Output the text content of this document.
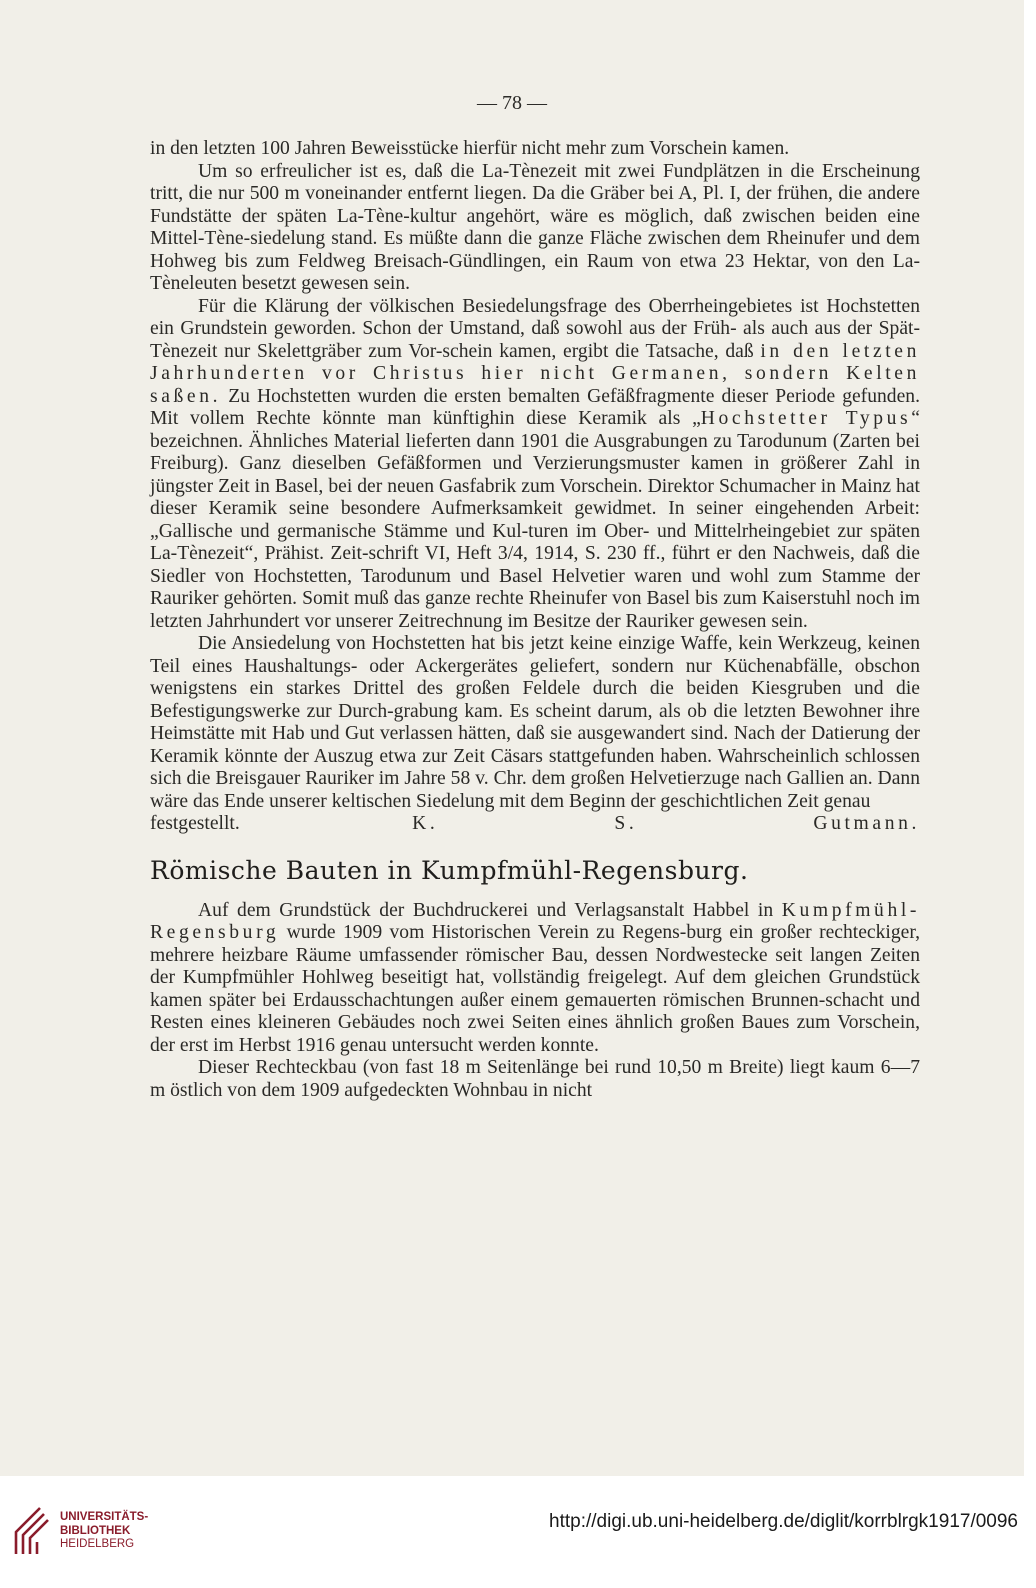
— 78 —

in den letzten 100 Jahren Beweisstücke hierfür nicht mehr zum Vorschein kamen.

Um so erfreulicher ist es, daß die La-Tènezeit mit zwei Fundplätzen in die Erscheinung tritt, die nur 500 m voneinander entfernt liegen. Da die Gräber bei A, Pl. I, der frühen, die andere Fundstätte der späten La-Tène-kultur angehört, wäre es möglich, daß zwischen beiden eine Mittel-Tène-siedelung stand. Es müßte dann die ganze Fläche zwischen dem Rheinufer und dem Hohweg bis zum Feldweg Breisach-Gündlingen, ein Raum von etwa 23 Hektar, von den La-Tèneleuten besetzt gewesen sein.

Für die Klärung der völkischen Besiedelungsfrage des Oberrheingebietes ist Hochstetten ein Grundstein geworden. Schon der Umstand, daß sowohl aus der Früh- als auch aus der Spät-Tènezeit nur Skelettgräber zum Vor-schein kamen, ergibt die Tatsache, daß in den letzten Jahrhunderten vor Christus hier nicht Germanen, sondern Kelten saßen. Zu Hochstetten wurden die ersten bemalten Gefäßfragmente dieser Periode gefunden. Mit vollem Rechte könnte man künftighin diese Keramik als „Hochstetter Typus“ bezeichnen. Ähnliches Material lieferten dann 1901 die Ausgrabungen zu Tarodunum (Zarten bei Freiburg). Ganz dieselben Gefäßformen und Verzierungsmuster kamen in größerer Zahl in jüngster Zeit in Basel, bei der neuen Gasfabrik zum Vorschein. Direktor Schumacher in Mainz hat dieser Keramik seine besondere Aufmerksamkeit gewidmet. In seiner eingehenden Arbeit: „Gallische und germanische Stämme und Kul-turen im Ober- und Mittelrheingebiet zur späten La-Tènezeit“, Prähist. Zeit-schrift VI, Heft 3/4, 1914, S. 230 ff., führt er den Nachweis, daß die Siedler von Hochstetten, Tarodunum und Basel Helvetier waren und wohl zum Stamme der Rauriker gehörten. Somit muß das ganze rechte Rheinufer von Basel bis zum Kaiserstuhl noch im letzten Jahrhundert vor unserer Zeitrechnung im Besitze der Rauriker gewesen sein.

Die Ansiedelung von Hochstetten hat bis jetzt keine einzige Waffe, kein Werkzeug, keinen Teil eines Haushaltungs- oder Ackergerätes geliefert, sondern nur Küchenabfälle, obschon wenigstens ein starkes Drittel des großen Feldele durch die beiden Kiesgruben und die Befestigungswerke zur Durch-grabung kam. Es scheint darum, als ob die letzten Bewohner ihre Heimstätte mit Hab und Gut verlassen hätten, daß sie ausgewandert sind. Nach der Datierung der Keramik könnte der Auszug etwa zur Zeit Cäsars stattgefunden haben. Wahrscheinlich schlossen sich die Breisgauer Rauriker im Jahre 58 v. Chr. dem großen Helvetierzuge nach Gallien an. Dann wäre das Ende unserer keltischen Siedelung mit dem Beginn der geschichtlichen Zeit genau

festgestellt.	K. S. Gutmann.

Römische Bauten in Kumpfmühl-Regensburg.

Auf dem Grundstück der Buchdruckerei und Verlagsanstalt Habbel in Kumpfmühl-Regensburg wurde 1909 vom Historischen Verein zu Regens-burg ein großer rechteckiger, mehrere heizbare Räume umfassender römischer Bau, dessen Nordwestecke seit langen Zeiten der Kumpfmühler Hohlweg beseitigt hat, vollständig freigelegt. Auf dem gleichen Grundstück kamen später bei Erdausschachtungen außer einem gemauerten römischen Brunnen-schacht und Resten eines kleineren Gebäudes noch zwei Seiten eines ähnlich großen Baues zum Vorschein, der erst im Herbst 1916 genau untersucht werden konnte.

Dieser Rechteckbau (von fast 18 m Seitenlänge bei rund 10,50 m Breite) liegt kaum 6—7 m östlich von dem 1909 aufgedeckten Wohnbau in nicht

UNIVERSITÄTS-
BIBLIOTHEK
HEIDELBERG
http://digi.ub.uni-heidelberg.de/diglit/korrblrgk1917/0096
